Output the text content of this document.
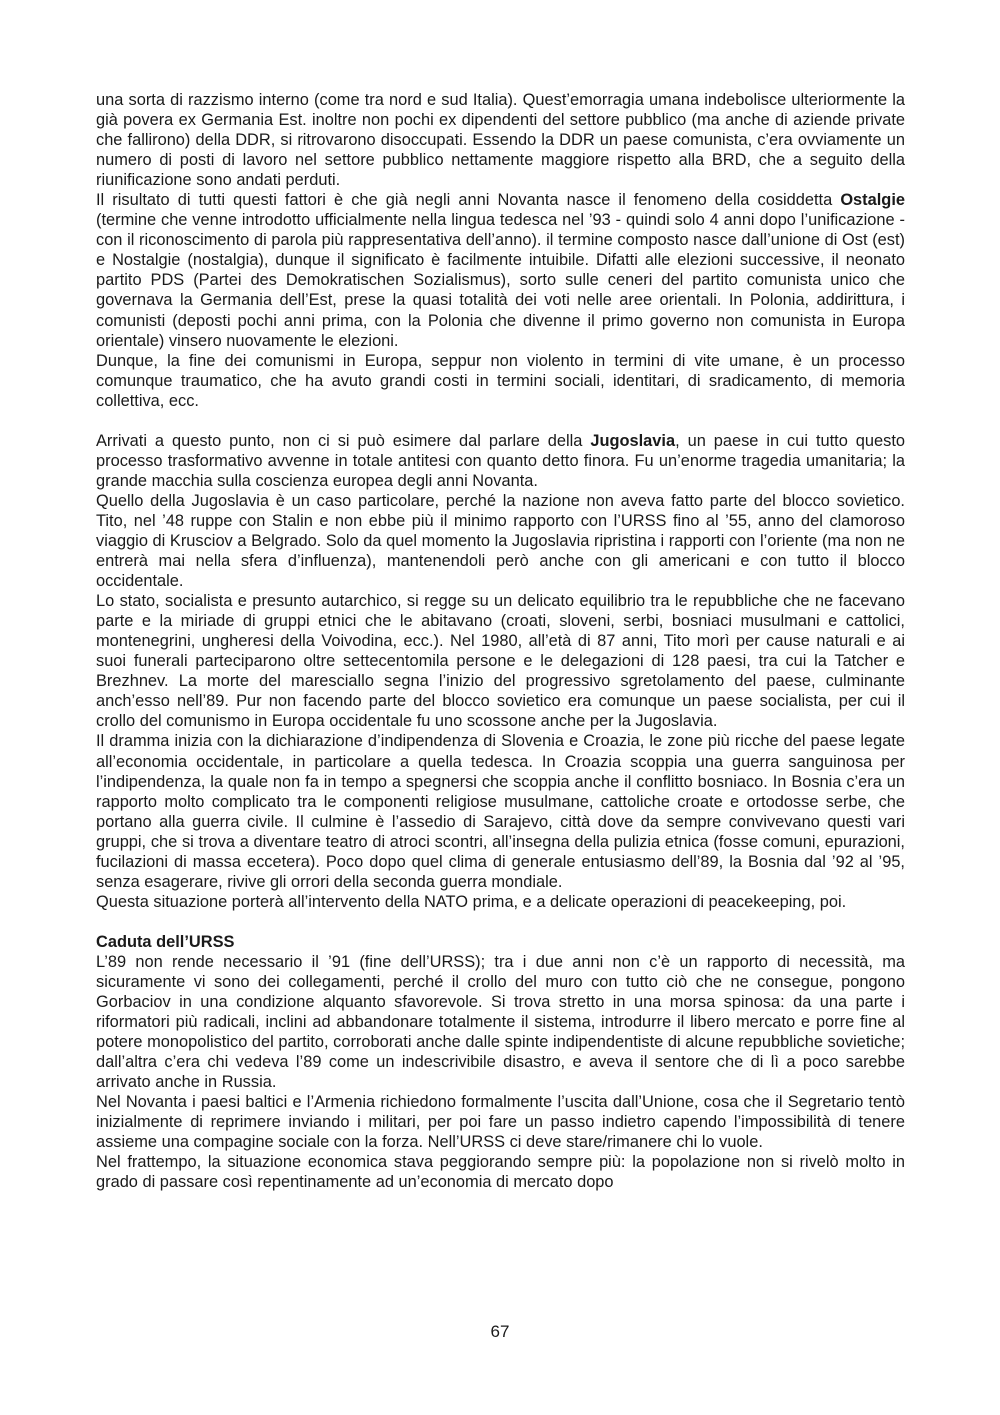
una sorta di razzismo interno (come tra nord e sud Italia). Quest’emorragia umana indebolisce ulteriormente la già povera ex Germania Est. inoltre non pochi ex dipendenti del settore pubblico (ma anche di aziende private che fallirono) della DDR, si ritrovarono disoccupati. Essendo la DDR un paese comunista, c’era ovviamente un numero di posti di lavoro nel settore pubblico nettamente maggiore rispetto alla BRD, che a seguito della riunificazione sono andati perduti.

Il risultato di tutti questi fattori è che già negli anni Novanta nasce il fenomeno della cosiddetta Ostalgie (termine che venne introdotto ufficialmente nella lingua tedesca nel ’93 - quindi solo 4 anni dopo l’unificazione - con il riconoscimento di parola più rappresentativa dell’anno). il termine composto nasce dall’unione di Ost (est) e Nostalgie (nostalgia), dunque il significato è facilmente intuibile. Difatti alle elezioni successive, il neonato partito PDS (Partei des Demokratischen Sozialismus), sorto sulle ceneri del partito comunista unico che governava la Germania dell’Est, prese la quasi totalità dei voti nelle aree orientali. In Polonia, addirittura, i comunisti (deposti pochi anni prima, con la Polonia che divenne il primo governo non comunista in Europa orientale) vinsero nuovamente le elezioni.

Dunque, la fine dei comunismi in Europa, seppur non violento in termini di vite umane, è un processo comunque traumatico, che ha avuto grandi costi in termini sociali, identitari, di sradicamento, di memoria collettiva, ecc.

Arrivati a questo punto, non ci si può esimere dal parlare della Jugoslavia, un paese in cui tutto questo processo trasformativo avvenne in totale antitesi con quanto detto finora. Fu un’enorme tragedia umanitaria; la grande macchia sulla coscienza europea degli anni Novanta.

Quello della Jugoslavia è un caso particolare, perché la nazione non aveva fatto parte del blocco sovietico. Tito, nel ’48 ruppe con Stalin e non ebbe più il minimo rapporto con l’URSS fino al ’55, anno del clamoroso viaggio di Krusciov a Belgrado. Solo da quel momento la Jugoslavia ripristina i rapporti con l’oriente (ma non ne entrerà mai nella sfera d’influenza), mantenendoli però anche con gli americani e con tutto il blocco occidentale.

Lo stato, socialista e presunto autarchico, si regge su un delicato equilibrio tra le repubbliche che ne facevano parte e la miriade di gruppi etnici che le abitavano (croati, sloveni, serbi, bosniaci musulmani e cattolici, montenegrini, ungheresi della Voivodina, ecc.). Nel 1980, all’età di 87 anni, Tito morì per cause naturali e ai suoi funerali parteciparono oltre settecentomila persone e le delegazioni di 128 paesi, tra cui la Tatcher e Brezhnev. La morte del maresciallo segna l’inizio del progressivo sgretolamento del paese, culminante anch’esso nell’89. Pur non facendo parte del blocco sovietico era comunque un paese socialista, per cui il crollo del comunismo in Europa occidentale fu uno scossone anche per la Jugoslavia.

Il dramma inizia con la dichiarazione d’indipendenza di Slovenia e Croazia, le zone più ricche del paese legate all’economia occidentale, in particolare a quella tedesca. In Croazia scoppia una guerra sanguinosa per l’indipendenza, la quale non fa in tempo a spegnersi che scoppia anche il conflitto bosniaco. In Bosnia c’era un rapporto molto complicato tra le componenti religiose musulmane, cattoliche croate e ortodosse serbe, che portano alla guerra civile. Il culmine è l’assedio di Sarajevo, città dove da sempre convivevano questi vari gruppi, che si trova a diventare teatro di atroci scontri, all’insegna della pulizia etnica (fosse comuni, epurazioni, fucilazioni di massa eccetera). Poco dopo quel clima di generale entusiasmo dell’89, la Bosnia dal ’92 al ’95, senza esagerare, rivive gli orrori della seconda guerra mondiale.

Questa situazione porterà all’intervento della NATO prima, e a delicate operazioni di peacekeeping, poi.

Caduta dell’URSS

L’89 non rende necessario il ’91 (fine dell’URSS); tra i due anni non c’è un rapporto di necessità, ma sicuramente vi sono dei collegamenti, perché il crollo del muro con tutto ciò che ne consegue, pongono Gorbaciov in una condizione alquanto sfavorevole. Si trova stretto in una morsa spinosa: da una parte i riformatori più radicali, inclini ad abbandonare totalmente il sistema, introdurre il libero mercato e porre fine al potere monopolistico del partito, corroborati anche dalle spinte indipendentiste di alcune repubbliche sovietiche; dall’altra c’era chi vedeva l’89 come un indescrivibile disastro, e aveva il sentore che di lì a poco sarebbe arrivato anche in Russia.

Nel Novanta i paesi baltici e l’Armenia richiedono formalmente l’uscita dall’Unione, cosa che il Segretario tentò inizialmente di reprimere inviando i militari, per poi fare un passo indietro capendo l’impossibilità di tenere assieme una compagine sociale con la forza. Nell’URSS ci deve stare/rimanere chi lo vuole.

Nel frattempo, la situazione economica stava peggiorando sempre più: la popolazione non si rivelò molto in grado di passare così repentinamente ad un’economia di mercato dopo

67
